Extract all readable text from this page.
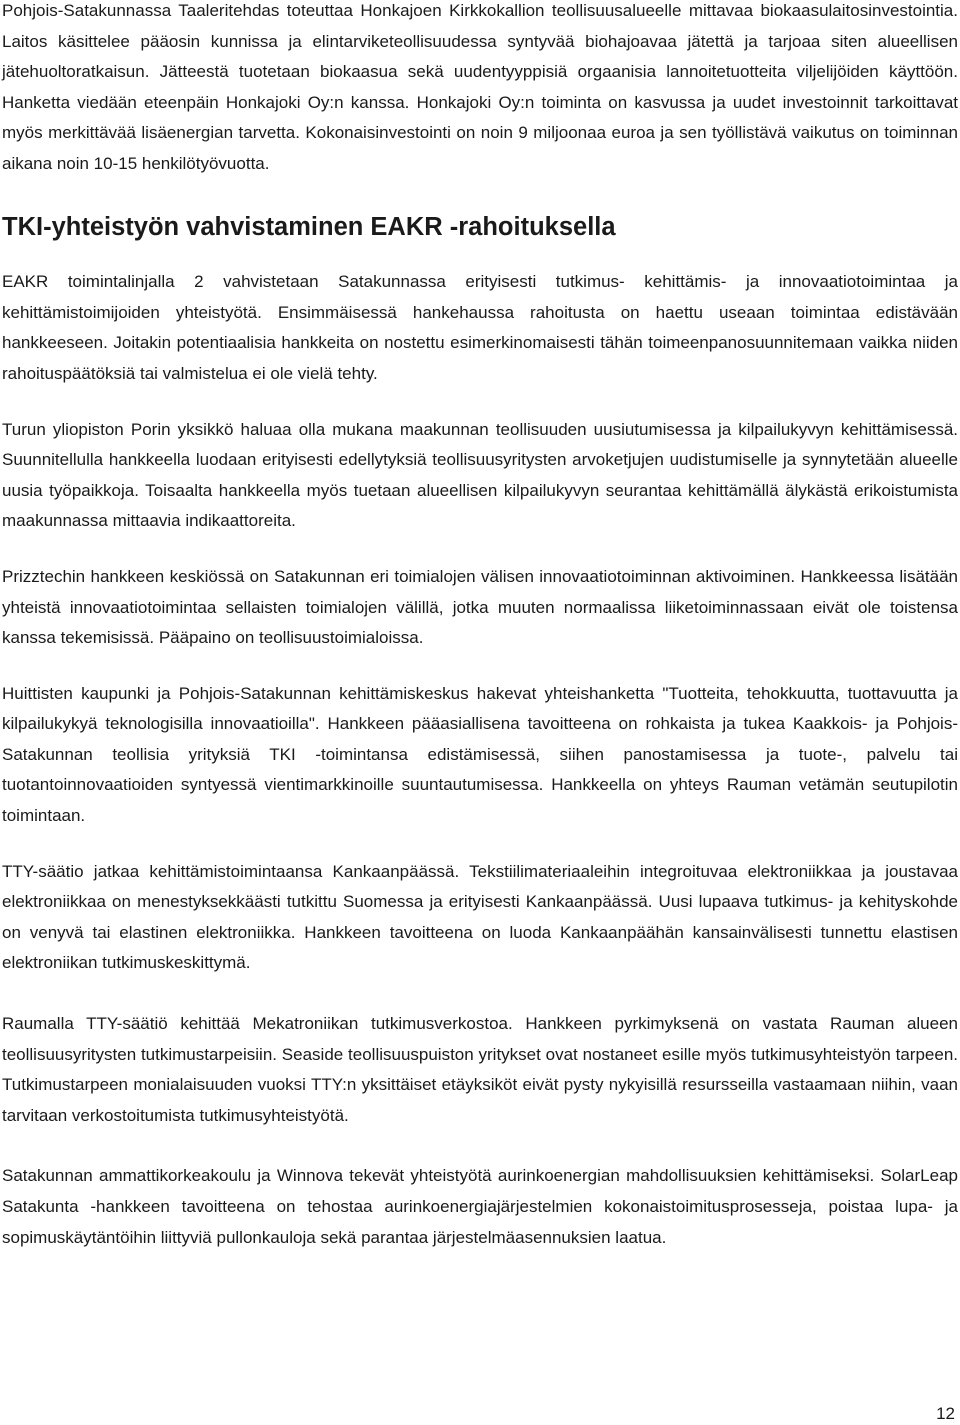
Pohjois-Satakunnassa Taaleritehdas toteuttaa Honkajoen Kirkkokallion teollisuusalueelle mittavaa biokaasulaitosinvestointia. Laitos käsittelee pääosin kunnissa ja elintarviketeollisuudessa syntyvää biohajoavaa jätettä ja tarjoaa siten alueellisen jätehuoltoratkaisun. Jätteestä tuotetaan biokaasua sekä uudentyyppisiä orgaanisia lannoitetuotteita viljelijöiden käyttöön. Hanketta viedään eteenpäin Honkajoki Oy:n kanssa. Honkajoki Oy:n toiminta on kasvussa ja uudet investoinnit tarkoittavat myös merkittävää lisäenergian tarvetta. Kokonaisinvestointi on noin 9 miljoonaa euroa ja sen työllistävä vaikutus on toiminnan aikana noin 10-15 henkilötyövuotta.

TKI-yhteistyön vahvistaminen EAKR -rahoituksella

EAKR toimintalinjalla 2 vahvistetaan Satakunnassa erityisesti tutkimus- kehittämis- ja innovaatiotoimintaa ja kehittämistoimijoiden yhteistyötä. Ensimmäisessä hankehaussa rahoitusta on haettu useaan toimintaa edistävään hankkeeseen. Joitakin potentiaalisia hankkeita on nostettu esimerkinomaisesti tähän toimeenpanosuunnitemaan vaikka niiden rahoituspäätöksiä tai valmistelua ei ole vielä tehty.

Turun yliopiston Porin yksikkö haluaa olla mukana maakunnan teollisuuden uusiutumisessa ja kilpailukyvyn kehittämisessä. Suunnitellulla hankkeella luodaan erityisesti edellytyksiä teollisuusyritysten arvoketjujen uudistumiselle ja synnytetään alueelle uusia työpaikkoja. Toisaalta hankkeella myös tuetaan alueellisen kilpailukyvyn seurantaa kehittämällä älykästä erikoistumista maakunnassa mittaavia indikaattoreita.

Prizztechin hankkeen keskiössä on Satakunnan eri toimialojen välisen innovaatiotoiminnan aktivoiminen. Hankkeessa lisätään yhteistä innovaatiotoimintaa sellaisten toimialojen välillä, jotka muuten normaalissa liiketoiminnassaan eivät ole toistensa kanssa tekemisissä. Pääpaino on teollisuustoimialoissa.

Huittisten kaupunki ja Pohjois-Satakunnan kehittämiskeskus hakevat yhteishanketta "Tuotteita, tehokkuutta, tuottavuutta ja kilpailukykyä teknologisilla innovaatioilla". Hankkeen pääasiallisena tavoitteena on rohkaista ja tukea Kaakkois- ja Pohjois-Satakunnan teollisia yrityksiä TKI -toimintansa edistämisessä, siihen panostamisessa ja tuote-, palvelu tai tuotantoinnovaatioiden syntyessä vientimarkkinoille suuntautumisessa. Hankkeella on yhteys Rauman vetämän seutupilotin toimintaan.

TTY-säätio jatkaa kehittämistoimintaansa Kankaanpäässä. Tekstiilimateriaaleihin integroituvaa elektroniikkaa ja joustavaa elektroniikkaa on menestyksekkäästi tutkittu Suomessa ja erityisesti Kankaanpäässä. Uusi lupaava tutkimus- ja kehityskohde on venyvä tai elastinen elektroniikka. Hankkeen tavoitteena on luoda Kankaanpäähän kansainvälisesti tunnettu elastisen elektroniikan tutkimuskeskittymä.

Raumalla TTY-säätiö kehittää Mekatroniikan tutkimusverkostoa. Hankkeen pyrkimyksenä on vastata Rauman alueen teollisuusyritysten tutkimustarpeisiin. Seaside teollisuuspuiston yritykset ovat nostaneet esille myös tutkimusyhteistyön tarpeen. Tutkimustarpeen monialaisuuden vuoksi TTY:n yksittäiset etäyksiköt eivät pysty nykyisillä resursseilla vastaamaan niihin, vaan tarvitaan verkostoitumista tutkimusyhteistyötä.

Satakunnan ammattikorkeakoulu ja Winnova tekevät yhteistyötä aurinkoenergian mahdollisuuksien kehittämiseksi. SolarLeap Satakunta -hankkeen tavoitteena on tehostaa aurinkoenergiajärjestelmien kokonaistoimitusprosesseja, poistaa lupa- ja sopimuskäytäntöihin liittyviä pullonkauloja sekä parantaa järjestelmäasennuksien laatua.

12
